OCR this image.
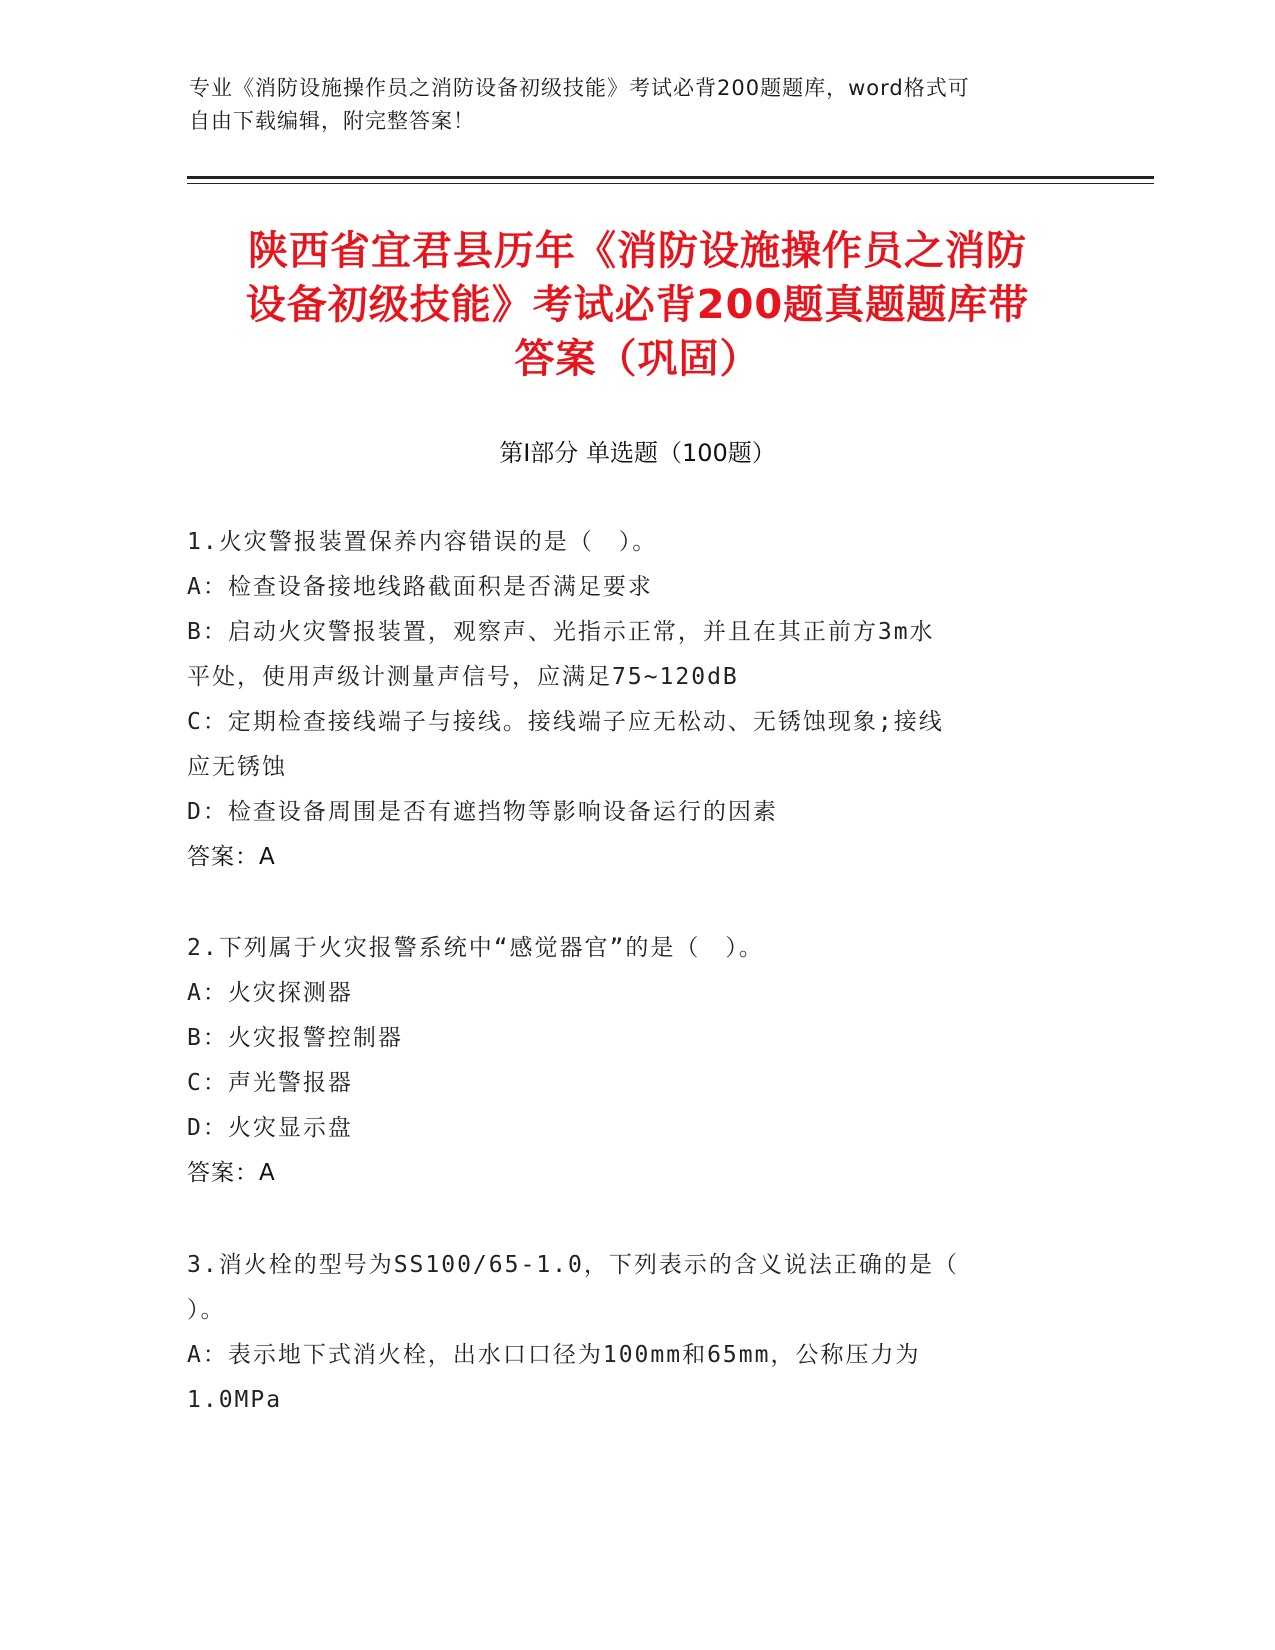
专业《消防设施操作员之消防设备初级技能》考试必背200题题库，word格式可
自由下载编辑，附完整答案！
陕西省宜君县历年《消防设施操作员之消防
设备初级技能》考试必背200题真题题库带
答案（巩固）
第Ⅰ部分 单选题（100题）
1.火灾警报装置保养内容错误的是（　）。
A：检查设备接地线路截面积是否满足要求
B：启动火灾警报装置，观察声、光指示正常，并且在其正前方3m水
平处，使用声级计测量声信号，应满足75~120dB
C：定期检查接线端子与接线。接线端子应无松动、无锈蚀现象;接线
应无锈蚀
D：检查设备周围是否有遮挡物等影响设备运行的因素
答案：A
2.下列属于火灾报警系统中“感觉器官”的是（　）。
A：火灾探测器
B：火灾报警控制器
C：声光警报器
D：火灾显示盘
答案：A
3.消火栓的型号为SS100/65-1.0，下列表示的含义说法正确的是（
）。
A：表示地下式消火栓，出水口口径为100mm和65mm，公称压力为
1.0MPa
